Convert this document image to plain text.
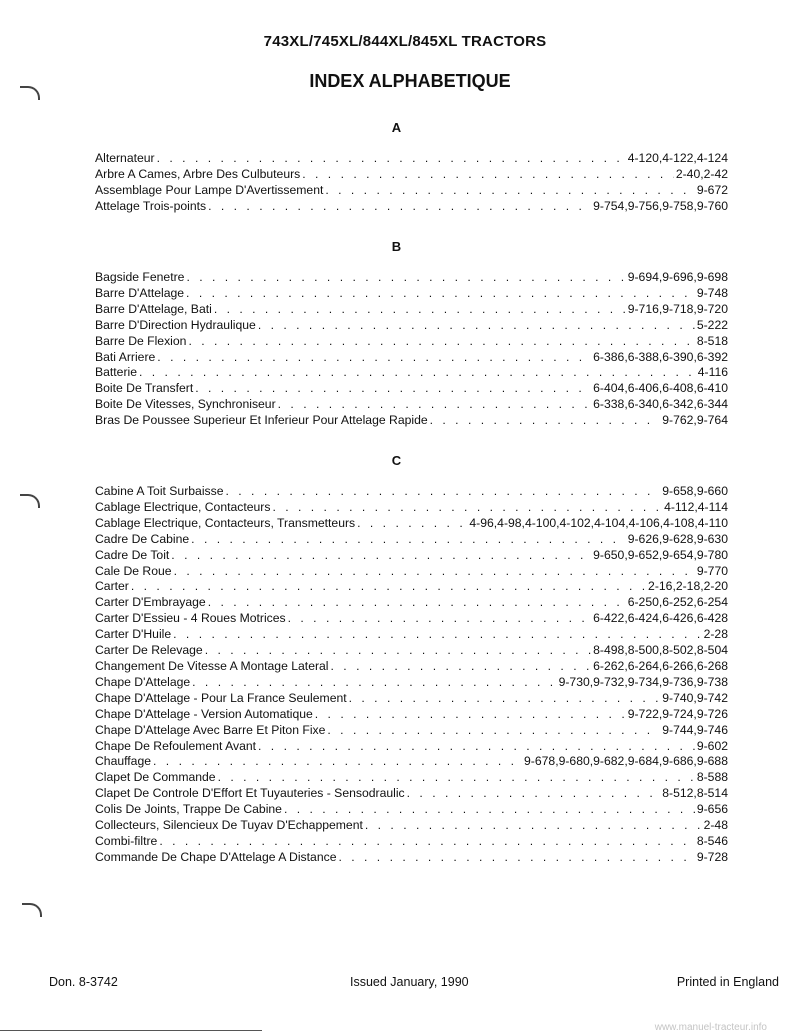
743XL/745XL/844XL/845XL TRACTORS
INDEX ALPHABETIQUE
A
Alternateur . . .	4-120,4-122,4-124
Arbre A Cames, Arbre Des Culbuteurs . . .	2-40,2-42
Assemblage Pour Lampe D'Avertissement . . .	9-672
Attelage Trois-points . . .	9-754,9-756,9-758,9-760
B
Bagside Fenetre . . .	9-694,9-696,9-698
Barre D'Attelage . . .	9-748
Barre D'Attelage, Bati . . .	9-716,9-718,9-720
Barre D'Direction Hydraulique . . .	5-222
Barre De Flexion . . .	8-518
Bati Arriere . . .	6-386,6-388,6-390,6-392
Batterie . . .	4-116
Boite De Transfert . . .	6-404,6-406,6-408,6-410
Boite De Vitesses, Synchroniseur . . .	6-338,6-340,6-342,6-344
Bras De Poussee Superieur Et Inferieur Pour Attelage Rapide . . .	9-762,9-764
C
Cabine A Toit Surbaisse . . .	9-658,9-660
Cablage Electrique, Contacteurs . . .	4-112,4-114
Cablage Electrique, Contacteurs, Transmetteurs . . .	4-96,4-98,4-100,4-102,4-104,4-106,4-108,4-110
Cadre De Cabine . . .	9-626,9-628,9-630
Cadre De Toit . . .	9-650,9-652,9-654,9-780
Cale De Roue . . .	9-770
Carter . . .	2-16,2-18,2-20
Carter D'Embrayage . . .	6-250,6-252,6-254
Carter D'Essieu - 4 Roues Motrices . . .	6-422,6-424,6-426,6-428
Carter D'Huile . . .	2-28
Carter De Relevage . . .	8-498,8-500,8-502,8-504
Changement De Vitesse A Montage Lateral . . .	6-262,6-264,6-266,6-268
Chape D'Attelage . . .	9-730,9-732,9-734,9-736,9-738
Chape D'Attelage - Pour La France Seulement . . .	9-740,9-742
Chape D'Attelage - Version Automatique . . .	9-722,9-724,9-726
Chape D'Attelage Avec Barre Et Piton Fixe . . .	9-744,9-746
Chape De Refoulement Avant . . .	9-602
Chauffage . . .	9-678,9-680,9-682,9-684,9-686,9-688
Clapet De Commande . . .	8-588
Clapet De Controle D'Effort Et Tuyauteries - Sensodraulic . . .	8-512,8-514
Colis De Joints, Trappe De Cabine . . .	9-656
Collecteurs, Silencieux De Tuyav D'Echappement . . .	2-48
Combi-filtre . . .	8-546
Commande De Chape D'Attelage A Distance . . .	9-728
Don. 8-3742	Issued January, 1990	Printed in England
www.manuel-tracteur.info
